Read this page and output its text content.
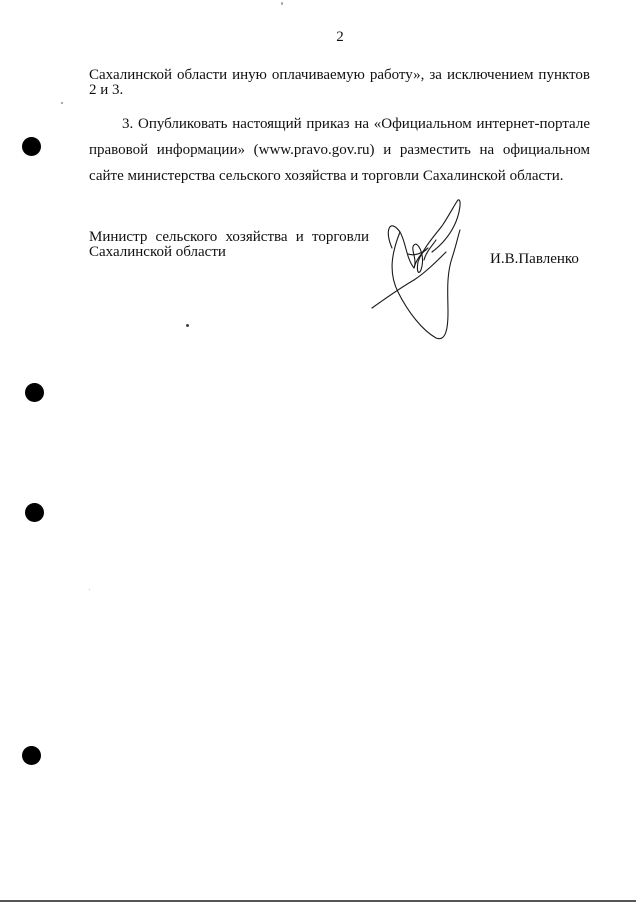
2
Сахалинской области иную оплачиваемую работу», за исключением пунктов
2 и 3.
3. Опубликовать настоящий приказ на «Официальном интернет-портале
правовой информации» (www.pravo.gov.ru) и разместить на официальном
сайте министерства сельского хозяйства и торговли Сахалинской области.
Министр сельского хозяйства и торговли
Сахалинской области	И.В.Павленко
